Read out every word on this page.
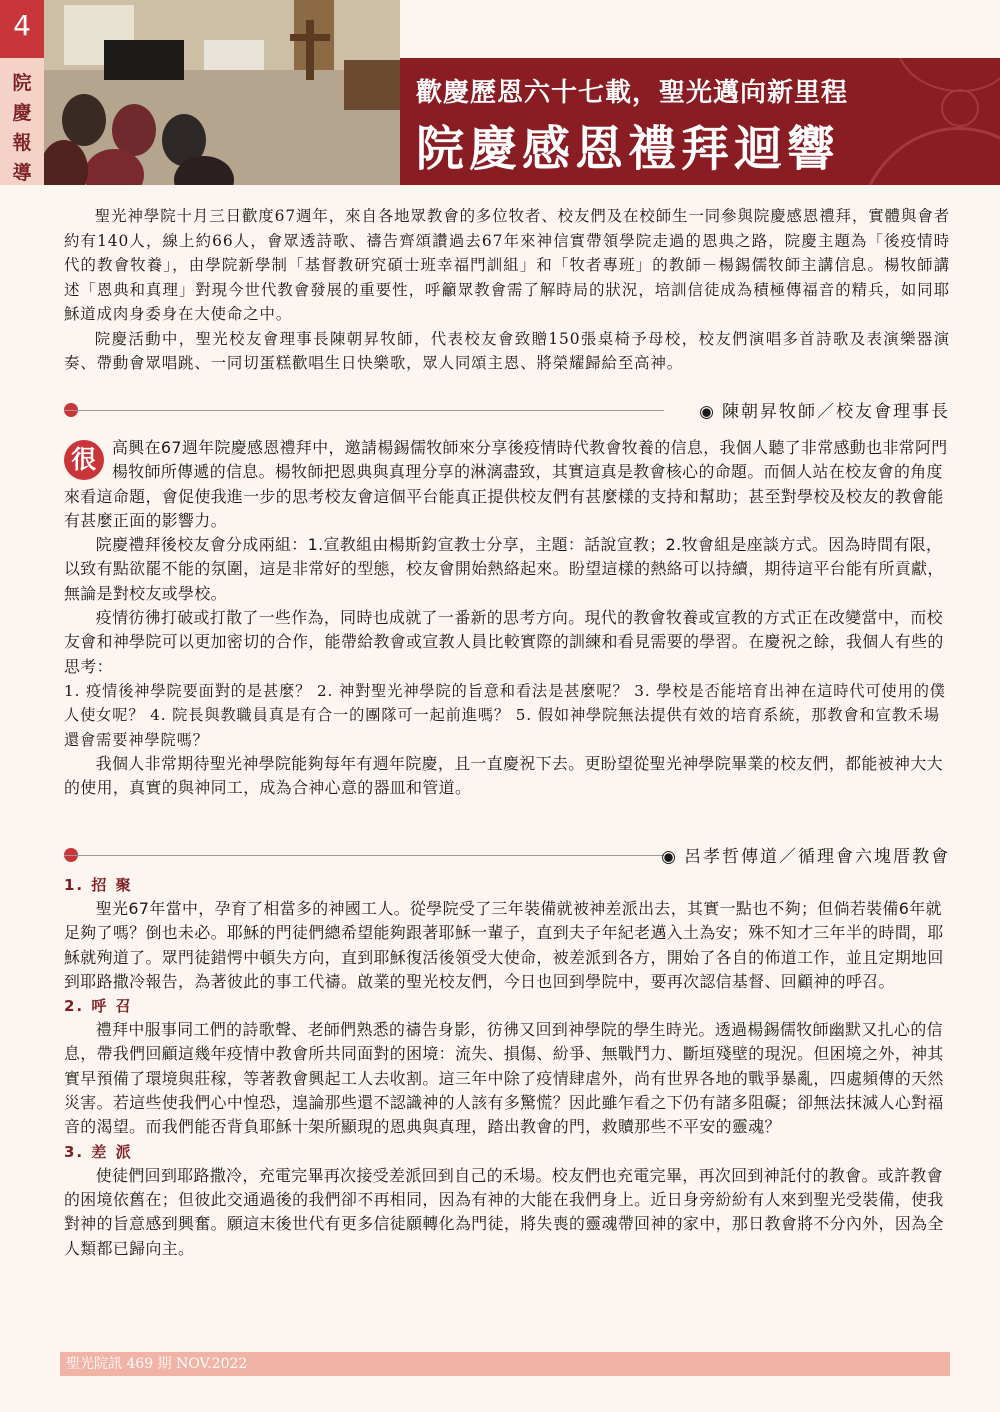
4
院
慶
報
導
歡慶歷恩六十七載，聖光邁向新里程
院慶感恩禮拜迴響

聖光神學院十月三日歡度67週年，來自各地眾教會的多位牧者、校友們及在校師生一同參與院慶感恩禮拜，實體與會者約有140人，線上約66人，會眾透詩歌、禱告齊頌讚過去67年來神信實帶領學院走過的恩典之路，院慶主題為「後疫情時代的教會牧養」，由學院新學制「基督教研究碩士班幸福門訓組」和「牧者專班」的教師－楊錫儒牧師主講信息。楊牧師講述「恩典和真理」對現今世代教會發展的重要性，呼籲眾教會需了解時局的狀況，培訓信徒成為積極傳福音的精兵，如同耶穌道成肉身委身在大使命之中。

院慶活動中，聖光校友會理事長陳朝昇牧師，代表校友會致贈150張桌椅予母校，校友們演唱多首詩歌及表演樂器演奏、帶動會眾唱跳、一同切蛋糕歡唱生日快樂歌，眾人同頌主恩、將榮耀歸給至高神。

◉ 陳朝昇牧師／校友會理事長

很 高興在67週年院慶感恩禮拜中，邀請楊錫儒牧師來分享後疫情時代教會牧養的信息，我個人聽了非常感動也非常阿門楊牧師所傳遞的信息。楊牧師把恩典與真理分享的淋漓盡致，其實這真是教會核心的命題。而個人站在校友會的角度來看這命題，會促使我進一步的思考校友會這個平台能真正提供校友們有甚麼樣的支持和幫助；甚至對學校及校友的教會能有甚麼正面的影響力。

院慶禮拜後校友會分成兩組：1.宣教組由楊斯鈞宣教士分享，主題：話說宣教；2.牧會組是座談方式。因為時間有限，以致有點欲罷不能的氛圍，這是非常好的型態，校友會開始熱絡起來。盼望這樣的熱絡可以持續，期待這平台能有所貢獻，無論是對校友或學校。

疫情彷彿打破或打散了一些作為，同時也成就了一番新的思考方向。現代的教會牧養或宣教的方式正在改變當中，而校友會和神學院可以更加密切的合作，能帶給教會或宣教人員比較實際的訓練和看見需要的學習。在慶祝之餘，我個人有些的思考：

1. 疫情後神學院要面對的是甚麼？ 2. 神對聖光神學院的旨意和看法是甚麼呢？ 3. 學校是否能培育出神在這時代可使用的僕人使女呢？ 4. 院長與教職員真是有合一的團隊可一起前進嗎？ 5. 假如神學院無法提供有效的培育系統，那教會和宣教禾場還會需要神學院嗎？

我個人非常期待聖光神學院能夠每年有週年院慶，且一直慶祝下去。更盼望從聖光神學院畢業的校友們，都能被神大大的使用，真實的與神同工，成為合神心意的器皿和管道。

◉ 呂孝哲傳道／循理會六塊厝教會
1. 招 聚

聖光67年當中，孕育了相當多的神國工人。從學院受了三年裝備就被神差派出去，其實一點也不夠；但倘若裝備6年就足夠了嗎？倒也未必。耶穌的門徒們總希望能夠跟著耶穌一輩子，直到夫子年紀老邁入土為安；殊不知才三年半的時間，耶穌就殉道了。眾門徒錯愕中頓失方向，直到耶穌復活後領受大使命，被差派到各方，開始了各自的佈道工作，並且定期地回到耶路撒冷報告，為著彼此的事工代禱。啟業的聖光校友們，今日也回到學院中，要再次認信基督、回顧神的呼召。

2. 呼 召

禮拜中服事同工們的詩歌聲、老師們熟悉的禱告身影，彷彿又回到神學院的學生時光。透過楊錫儒牧師幽默又扎心的信息，帶我們回顧這幾年疫情中教會所共同面對的困境：流失、損傷、紛爭、無戰鬥力、斷垣殘壁的現況。但困境之外，神其實早預備了環境與莊稼，等著教會興起工人去收割。這三年中除了疫情肆虐外，尚有世界各地的戰爭暴亂，四處頻傳的天然災害。若這些使我們心中惶恐，遑論那些還不認識神的人該有多驚慌？因此雖乍看之下仍有諸多阻礙；卻無法抹滅人心對福音的渴望。而我們能否背負耶穌十架所顯現的恩典與真理，踏出教會的門，救贖那些不平安的靈魂？

3. 差 派

使徒們回到耶路撒冷，充電完畢再次接受差派回到自己的禾場。校友們也充電完畢，再次回到神託付的教會。或許教會的困境依舊在；但彼此交通過後的我們卻不再相同，因為有神的大能在我們身上。近日身旁紛紛有人來到聖光受裝備，使我對神的旨意感到興奮。願這末後世代有更多信徒願轉化為門徒，將失喪的靈魂帶回神的家中，那日教會將不分內外，因為全人類都已歸向主。

聖光院訊 469 期 NOV.2022
